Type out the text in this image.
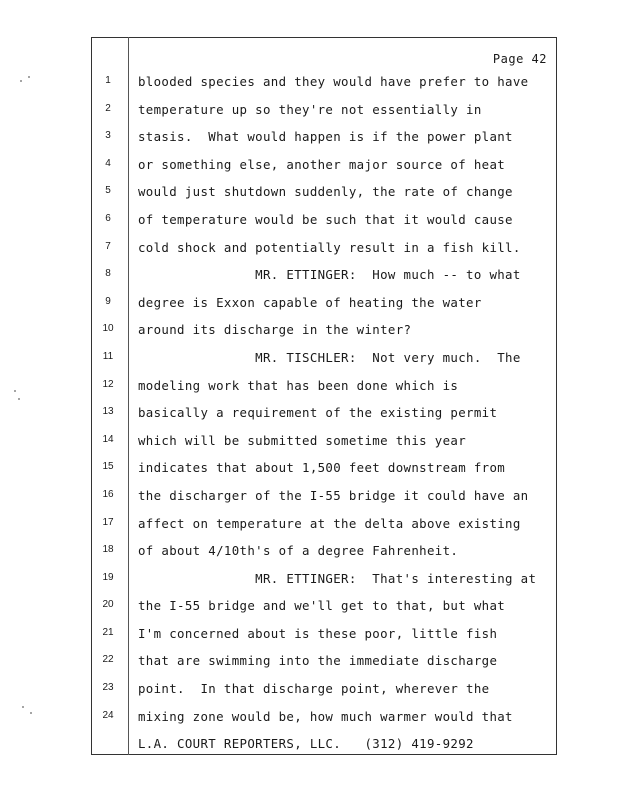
Page 42
1	blooded species and they would have prefer to have
2	temperature up so they're not essentially in
3	stasis.  What would happen is if the power plant
4	or something else, another major source of heat
5	would just shutdown suddenly, the rate of change
6	of temperature would be such that it would cause
7	cold shock and potentially result in a fish kill.
8	MR. ETTINGER:  How much -- to what
9	degree is Exxon capable of heating the water
10	around its discharge in the winter?
11	MR. TISCHLER:  Not very much.  The
12	modeling work that has been done which is
13	basically a requirement of the existing permit
14	which will be submitted sometime this year
15	indicates that about 1,500 feet downstream from
16	the discharger of the I-55 bridge it could have an
17	affect on temperature at the delta above existing
18	of about 4/10th's of a degree Fahrenheit.
19	MR. ETTINGER:  That's interesting at
20	the I-55 bridge and we'll get to that, but what
21	I'm concerned about is these poor, little fish
22	that are swimming into the immediate discharge
23	point.  In that discharge point, wherever the
24	mixing zone would be, how much warmer would that
L.A. COURT REPORTERS, LLC.   (312) 419-9292
